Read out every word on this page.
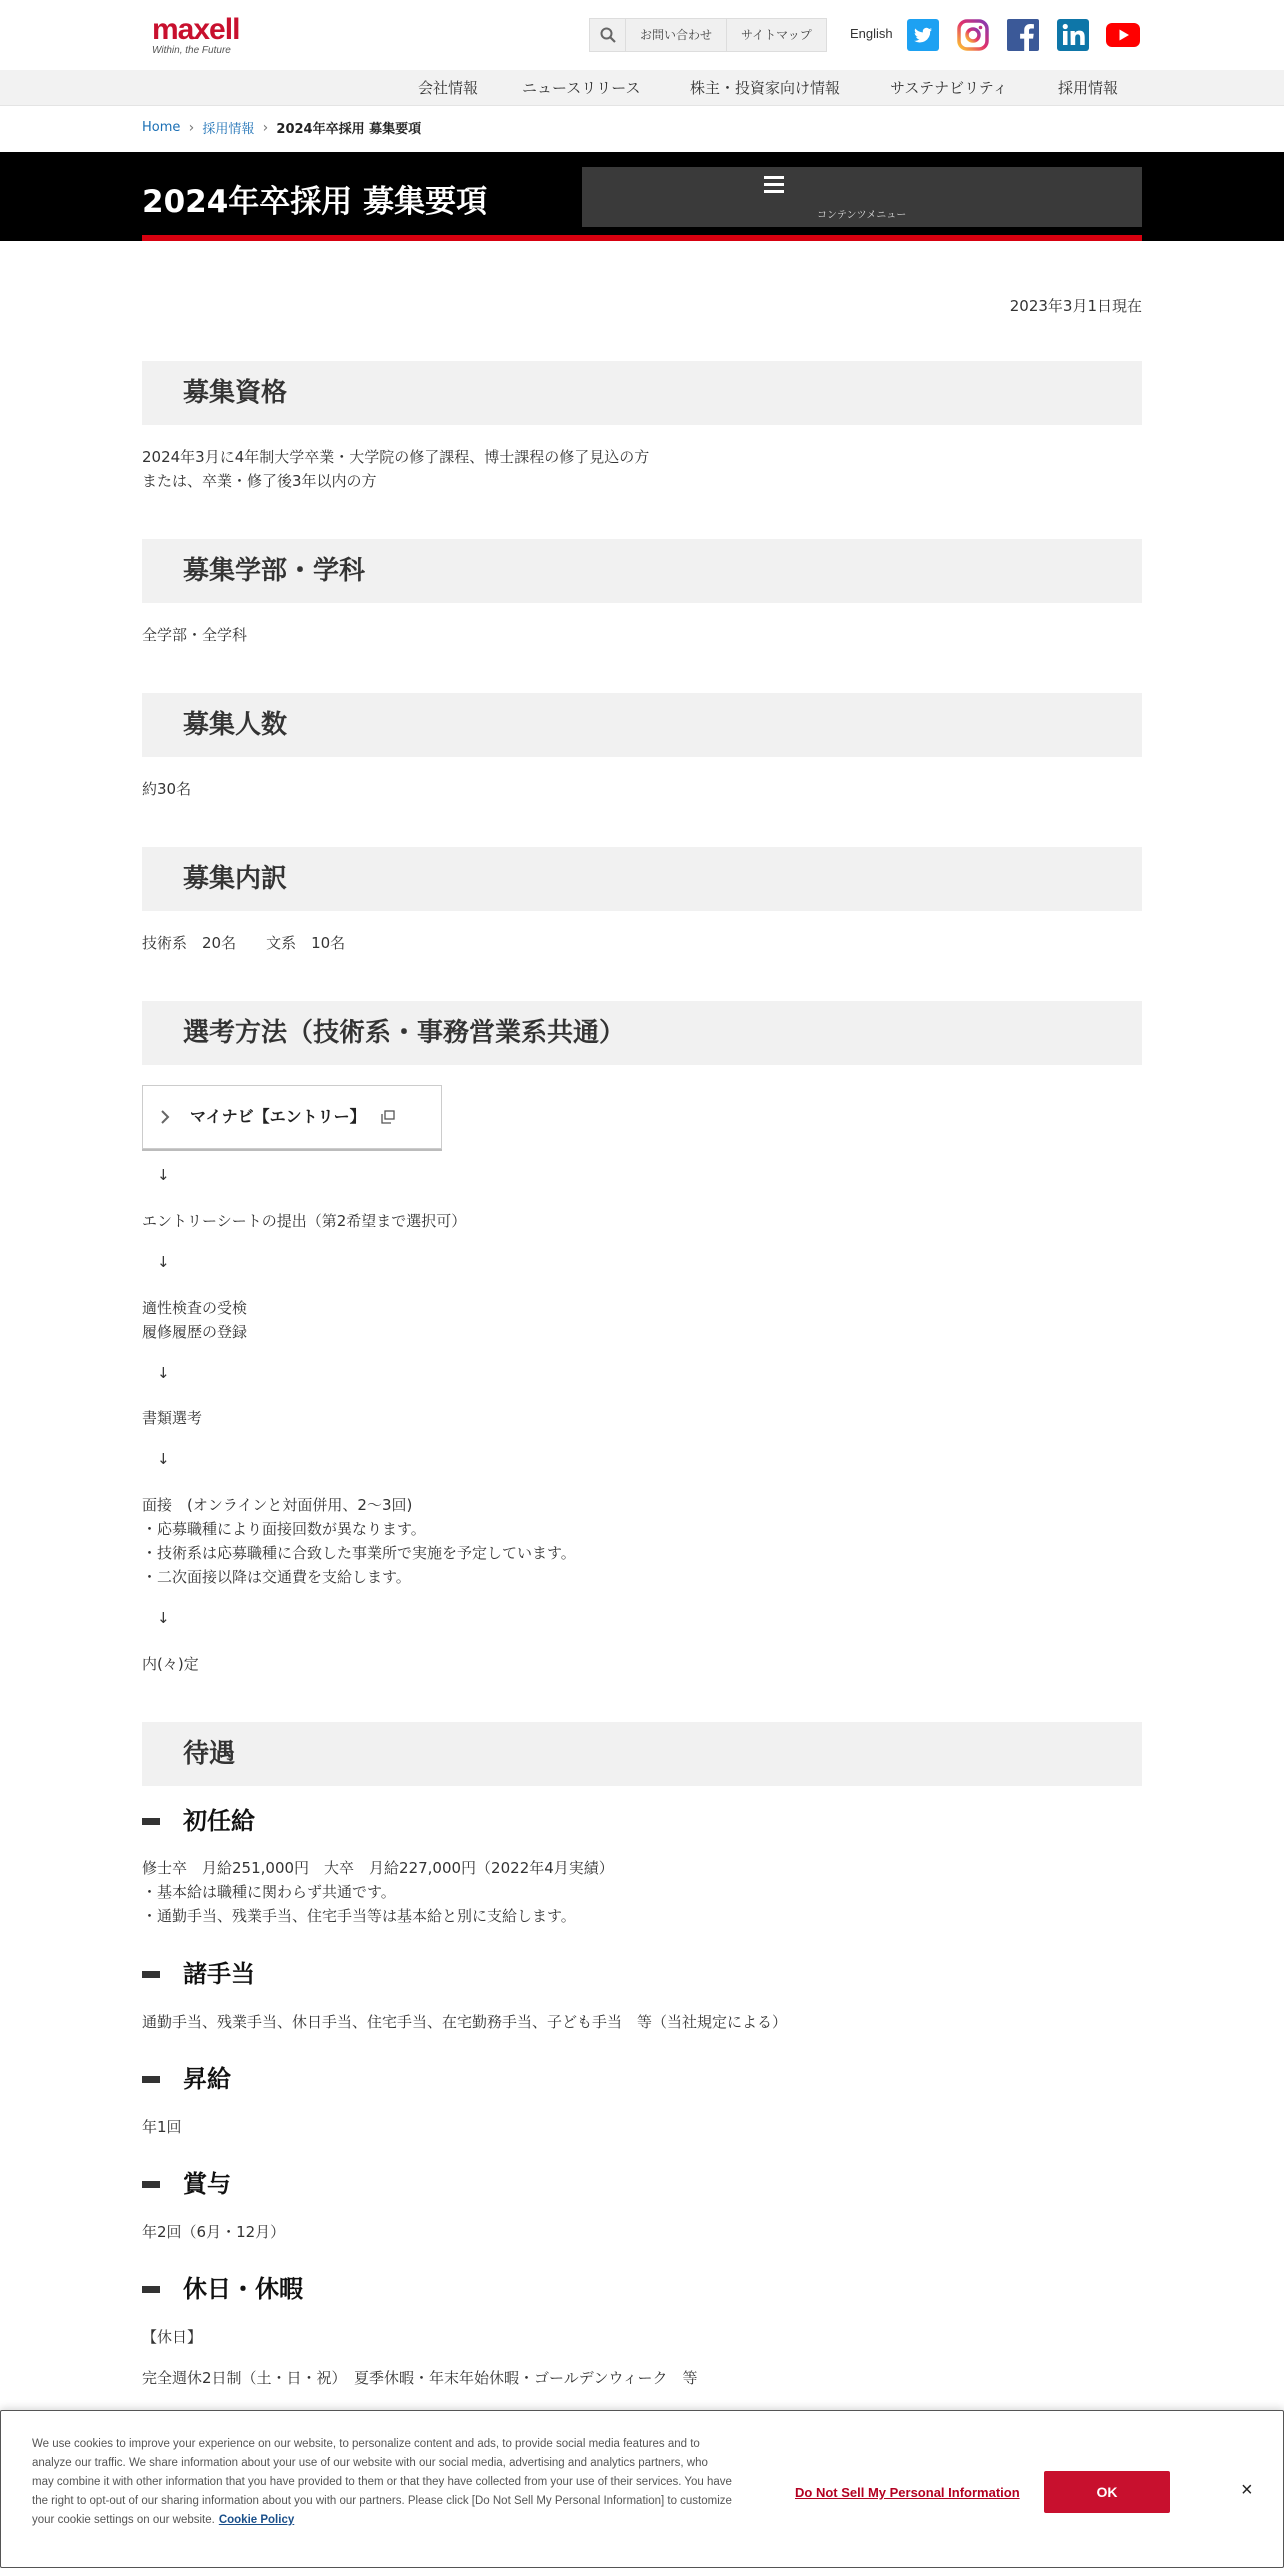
maxell
Within, the Future
お問い合わせ	サイトマップ	English
会社情報	ニュースリリース	株主・投資家向け情報	サステナビリティ	採用情報
Home › 採用情報 › 2024年卒採用 募集要項
2024年卒採用 募集要項	コンテンツメニュー
2023年3月1日現在
募集資格

2024年3月に4年制大学卒業・大学院の修了課程、博士課程の修了見込の方

または、卒業・修了後3年以内の方

募集学部・学科

全学部・全学科

募集人数

約30名

募集内訳

技術系　20名　　文系　10名

選考方法（技術系・事務営業系共通）
マイナビ【エントリー】
↓

エントリーシートの提出（第2希望まで選択可）

↓

適性検査の受検

履修履歴の登録

↓

書類選考

↓

面接　(オンラインと対面併用、2～3回)

・応募職種により面接回数が異なります。

・技術系は応募職種に合致した事業所で実施を予定しています。

・二次面接以降は交通費を支給します。

↓

内(々)定

待遇
初任給

修士卒　月給251,000円　大卒　月給227,000円（2022年4月実績）

・基本給は職種に関わらず共通です。

・通勤手当、残業手当、住宅手当等は基本給と別に支給します。

諸手当

通勤手当、残業手当、休日手当、住宅手当、在宅勤務手当、子ども手当　等（当社規定による）

昇給

年1回

賞与

年2回（6月・12月）

休日・休暇

【休日】

完全週休2日制（土・日・祝）　夏季休暇・年末年始休暇・ゴールデンウィーク　等

We use cookies to improve your experience on our website, to personalize content and ads, to provide social media features and to analyze our traffic. We share information about your use of our website with our social media, advertising and analytics partners, who may combine it with other information that you have provided to them or that they have collected from your use of their services. You have the right to opt-out of our sharing information about you with our partners. Please click [Do Not Sell My Personal Information] to customize your cookie settings on our website. Cookie Policy

Do Not Sell My Personal Information	OK	×
